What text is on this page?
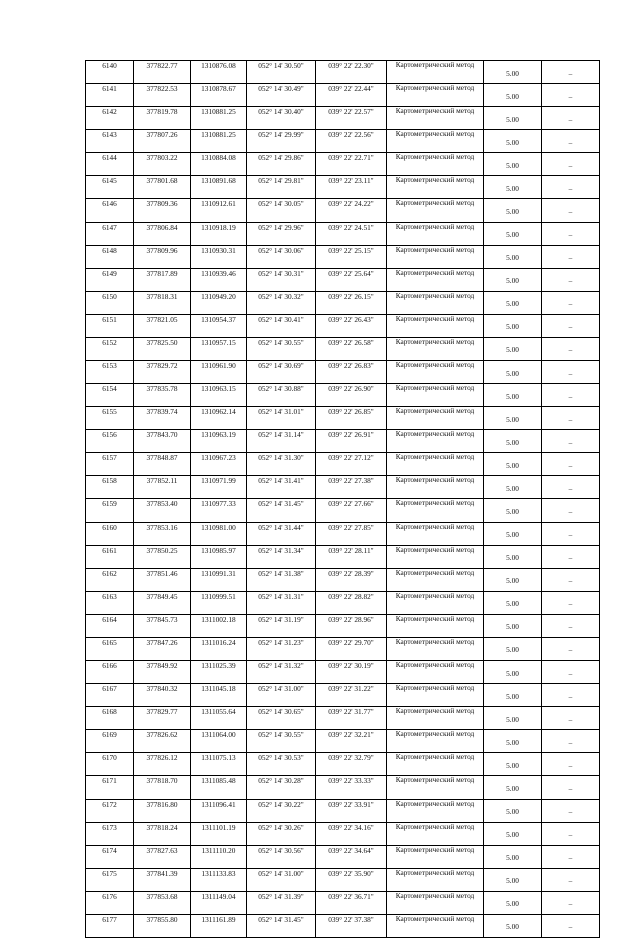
6140	377822.77	1310876.08	052° 14' 30.50"	039° 22' 22.30"	Картометрический метод	5.00	–
6141	377822.53	1310878.67	052° 14' 30.49"	039° 22' 22.44"	Картометрический метод	5.00	–
6142	377819.78	1310881.25	052° 14' 30.40"	039° 22' 22.57"	Картометрический метод	5.00	–
6143	377807.26	1310881.25	052° 14' 29.99"	039° 22' 22.56"	Картометрический метод	5.00	–
6144	377803.22	1310884.08	052° 14' 29.86"	039° 22' 22.71"	Картометрический метод	5.00	–
6145	377801.68	1310891.68	052° 14' 29.81"	039° 22' 23.11"	Картометрический метод	5.00	–
6146	377809.36	1310912.61	052° 14' 30.05"	039° 22' 24.22"	Картометрический метод	5.00	–
6147	377806.84	1310918.19	052° 14' 29.96"	039° 22' 24.51"	Картометрический метод	5.00	–
6148	377809.96	1310930.31	052° 14' 30.06"	039° 22' 25.15"	Картометрический метод	5.00	–
6149	377817.89	1310939.46	052° 14' 30.31"	039° 22' 25.64"	Картометрический метод	5.00	–
6150	377818.31	1310949.20	052° 14' 30.32"	039° 22' 26.15"	Картометрический метод	5.00	–
6151	377821.05	1310954.37	052° 14' 30.41"	039° 22' 26.43"	Картометрический метод	5.00	–
6152	377825.50	1310957.15	052° 14' 30.55"	039° 22' 26.58"	Картометрический метод	5.00	–
6153	377829.72	1310961.90	052° 14' 30.69"	039° 22' 26.83"	Картометрический метод	5.00	–
6154	377835.78	1310963.15	052° 14' 30.88"	039° 22' 26.90"	Картометрический метод	5.00	–
6155	377839.74	1310962.14	052° 14' 31.01"	039° 22' 26.85"	Картометрический метод	5.00	–
6156	377843.70	1310963.19	052° 14' 31.14"	039° 22' 26.91"	Картометрический метод	5.00	–
6157	377848.87	1310967.23	052° 14' 31.30"	039° 22' 27.12"	Картометрический метод	5.00	–
6158	377852.11	1310971.99	052° 14' 31.41"	039° 22' 27.38"	Картометрический метод	5.00	–
6159	377853.40	1310977.33	052° 14' 31.45"	039° 22' 27.66"	Картометрический метод	5.00	–
6160	377853.16	1310981.00	052° 14' 31.44"	039° 22' 27.85"	Картометрический метод	5.00	–
6161	377850.25	1310985.97	052° 14' 31.34"	039° 22' 28.11"	Картометрический метод	5.00	–
6162	377851.46	1310991.31	052° 14' 31.38"	039° 22' 28.39"	Картометрический метод	5.00	–
6163	377849.45	1310999.51	052° 14' 31.31"	039° 22' 28.82"	Картометрический метод	5.00	–
6164	377845.73	1311002.18	052° 14' 31.19"	039° 22' 28.96"	Картометрический метод	5.00	–
6165	377847.26	1311016.24	052° 14' 31.23"	039° 22' 29.70"	Картометрический метод	5.00	–
6166	377849.92	1311025.39	052° 14' 31.32"	039° 22' 30.19"	Картометрический метод	5.00	–
6167	377840.32	1311045.18	052° 14' 31.00"	039° 22' 31.22"	Картометрический метод	5.00	–
6168	377829.77	1311055.64	052° 14' 30.65"	039° 22' 31.77"	Картометрический метод	5.00	–
6169	377826.62	1311064.00	052° 14' 30.55"	039° 22' 32.21"	Картометрический метод	5.00	–
6170	377826.12	1311075.13	052° 14' 30.53"	039° 22' 32.79"	Картометрический метод	5.00	–
6171	377818.70	1311085.48	052° 14' 30.28"	039° 22' 33.33"	Картометрический метод	5.00	–
6172	377816.80	1311096.41	052° 14' 30.22"	039° 22' 33.91"	Картометрический метод	5.00	–
6173	377818.24	1311101.19	052° 14' 30.26"	039° 22' 34.16"	Картометрический метод	5.00	–
6174	377827.63	1311110.20	052° 14' 30.56"	039° 22' 34.64"	Картометрический метод	5.00	–
6175	377841.39	1311133.83	052° 14' 31.00"	039° 22' 35.90"	Картометрический метод	5.00	–
6176	377853.68	1311149.04	052° 14' 31.39"	039° 22' 36.71"	Картометрический метод	5.00	–
6177	377855.80	1311161.89	052° 14' 31.45"	039° 22' 37.38"	Картометрический метод	5.00	–
